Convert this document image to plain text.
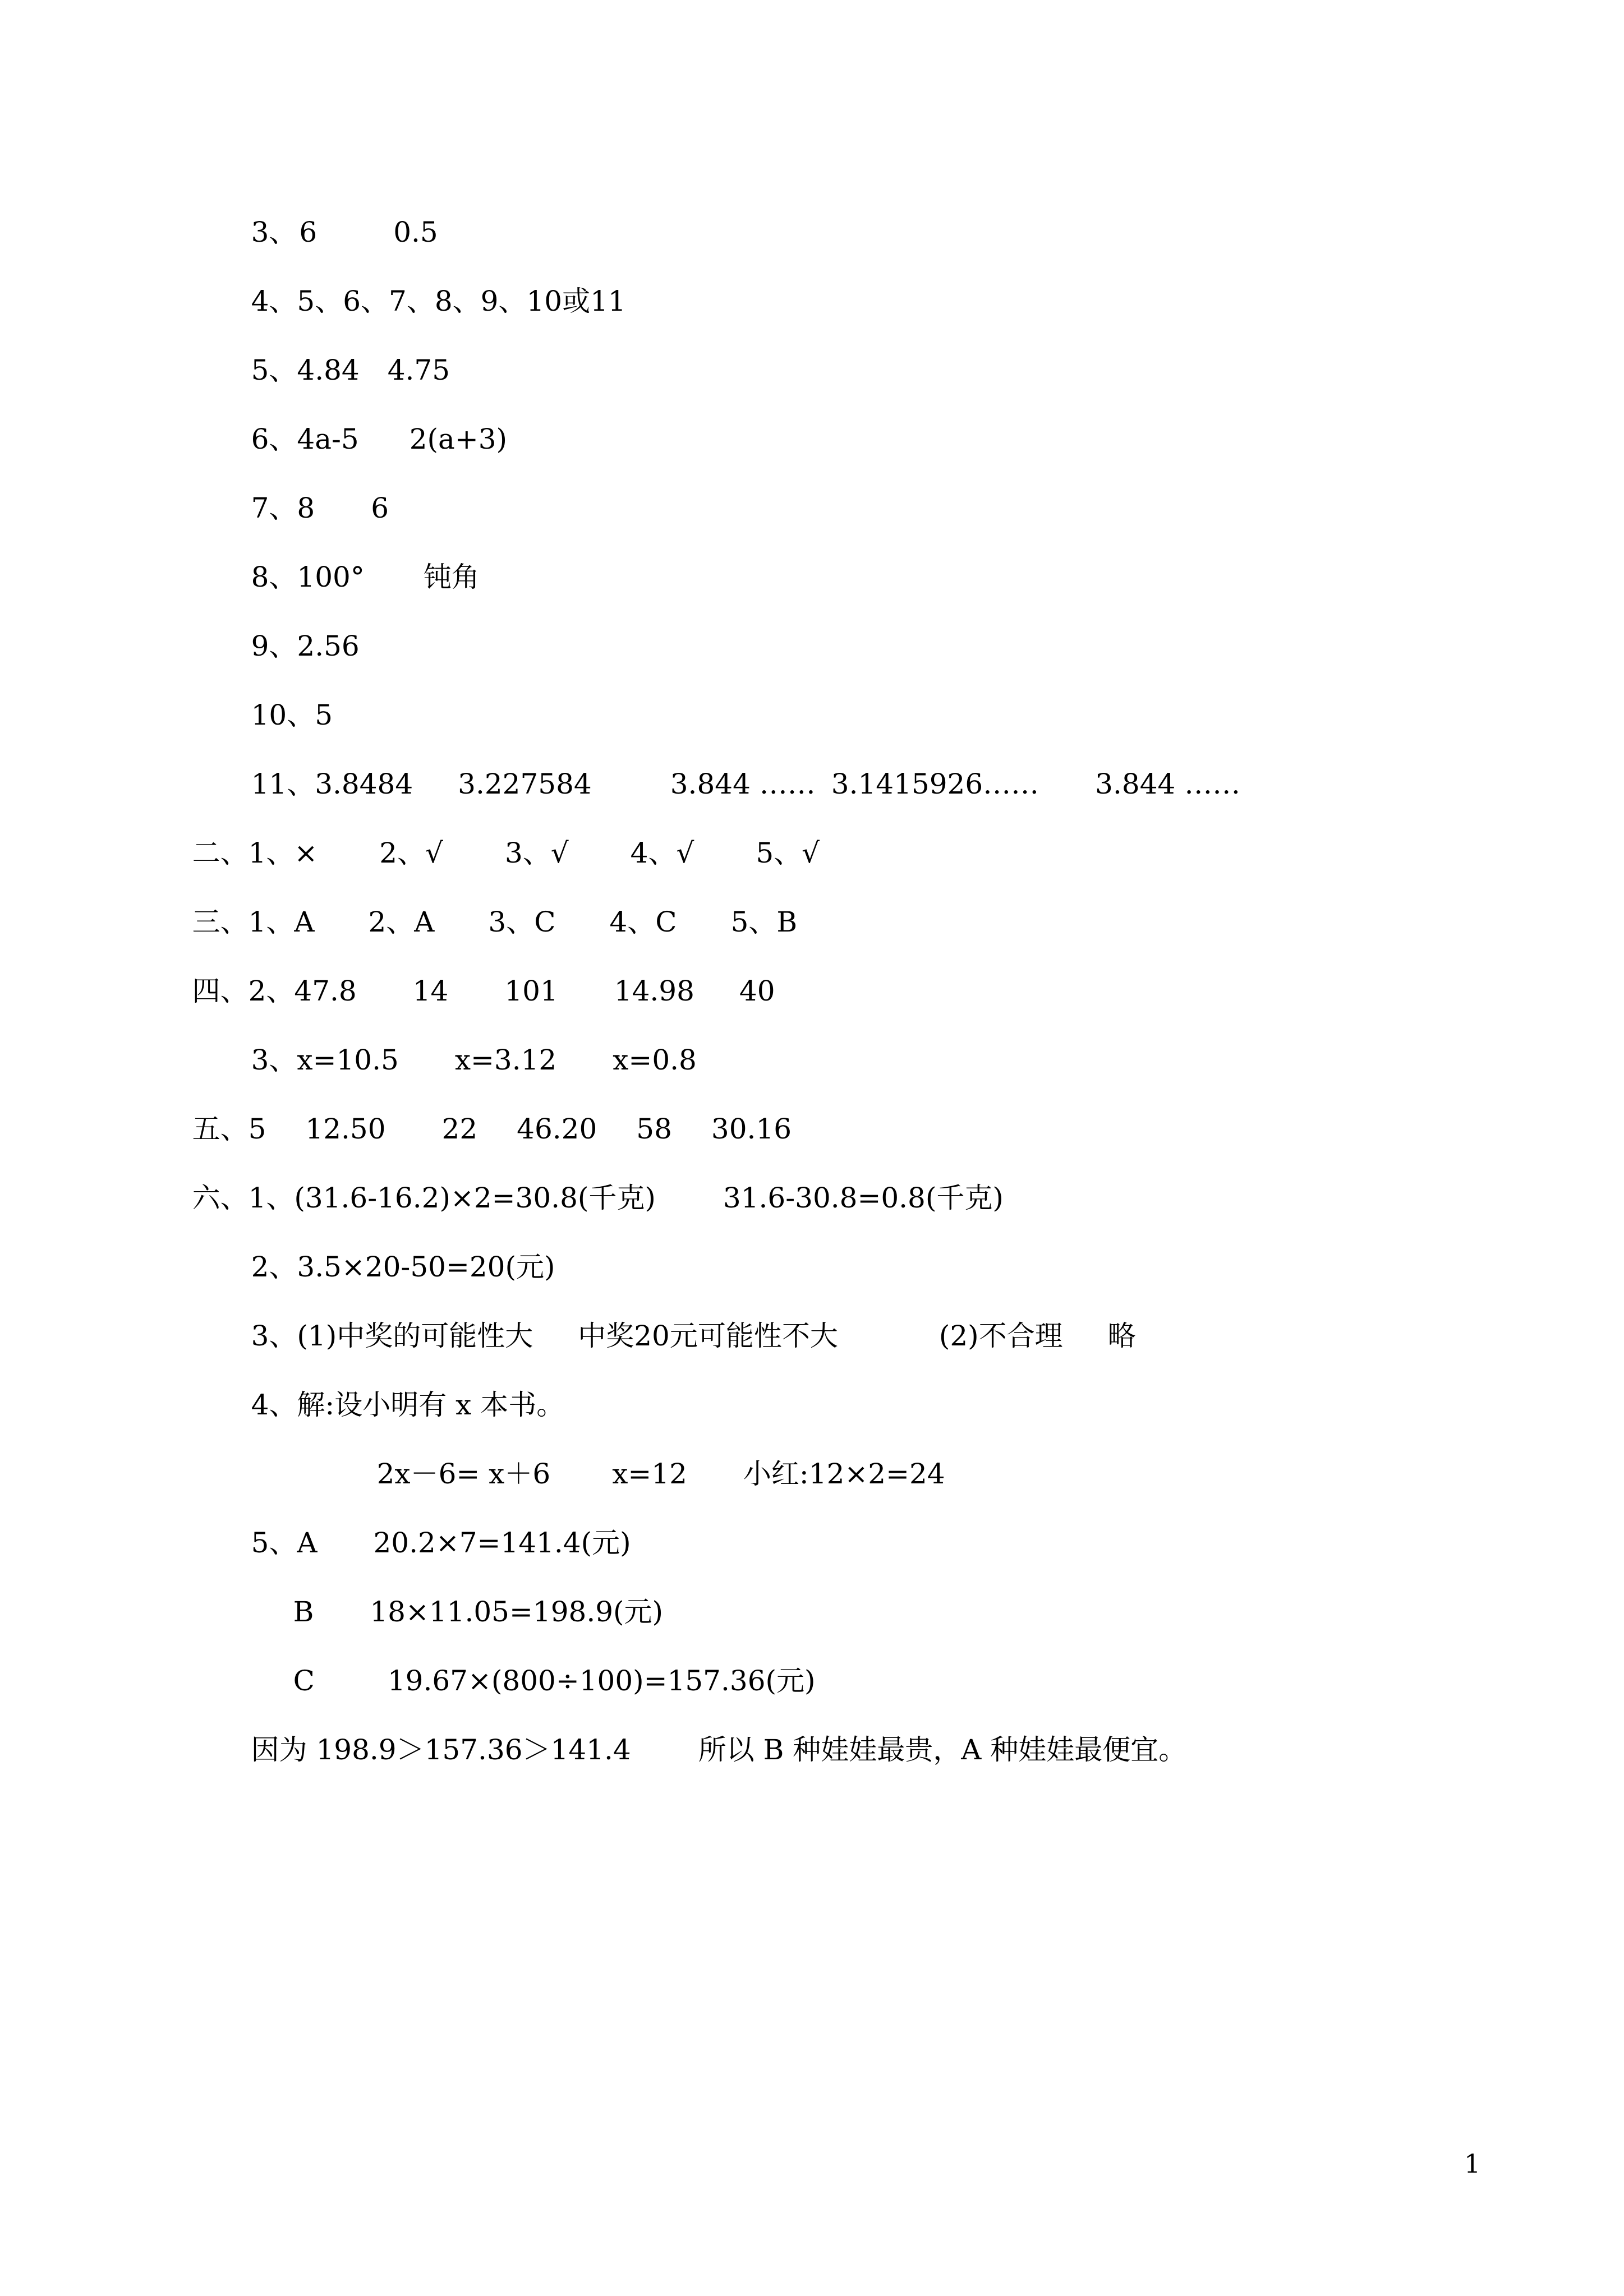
3、6	0.5

4、5、6、7、8、9、10或11

5、4.84 4.75

6、4a-5 2(a+3)

7、8 6

8、100° 钝角

9、2.56

10、5

11、3.8484 3.227584	3.844 …… 3.1415926…… 3.844 ……

二、1、× 2、√ 3、√ 4、√ 5、√

三、1、A 2、A 3、C 4、C 5、B

四、2、47.8 14 101 14.98 40

3、x=10.5 x=3.12 x=0.8

五、5 12.50 22 46.20 58 30.16

六、1、(31.6-16.2)×2=30.8(千克) 31.6-30.8=0.8(千克)

2、3.5×20-50=20(元)

3、(1)中奖的可能性大 中奖20元可能性不大	(2)不合理 略

4、解:设小明有 x 本书。

2x－6= x＋6 x=12 小红:12×2=24

5、A 20.2×7=141.4(元)

B 18×11.05=198.9(元)

C	19.67×(800÷100)=157.36(元)

因为 198.9＞157.36＞141.4 所以 B 种娃娃最贵，A 种娃娃最便宜。

1
